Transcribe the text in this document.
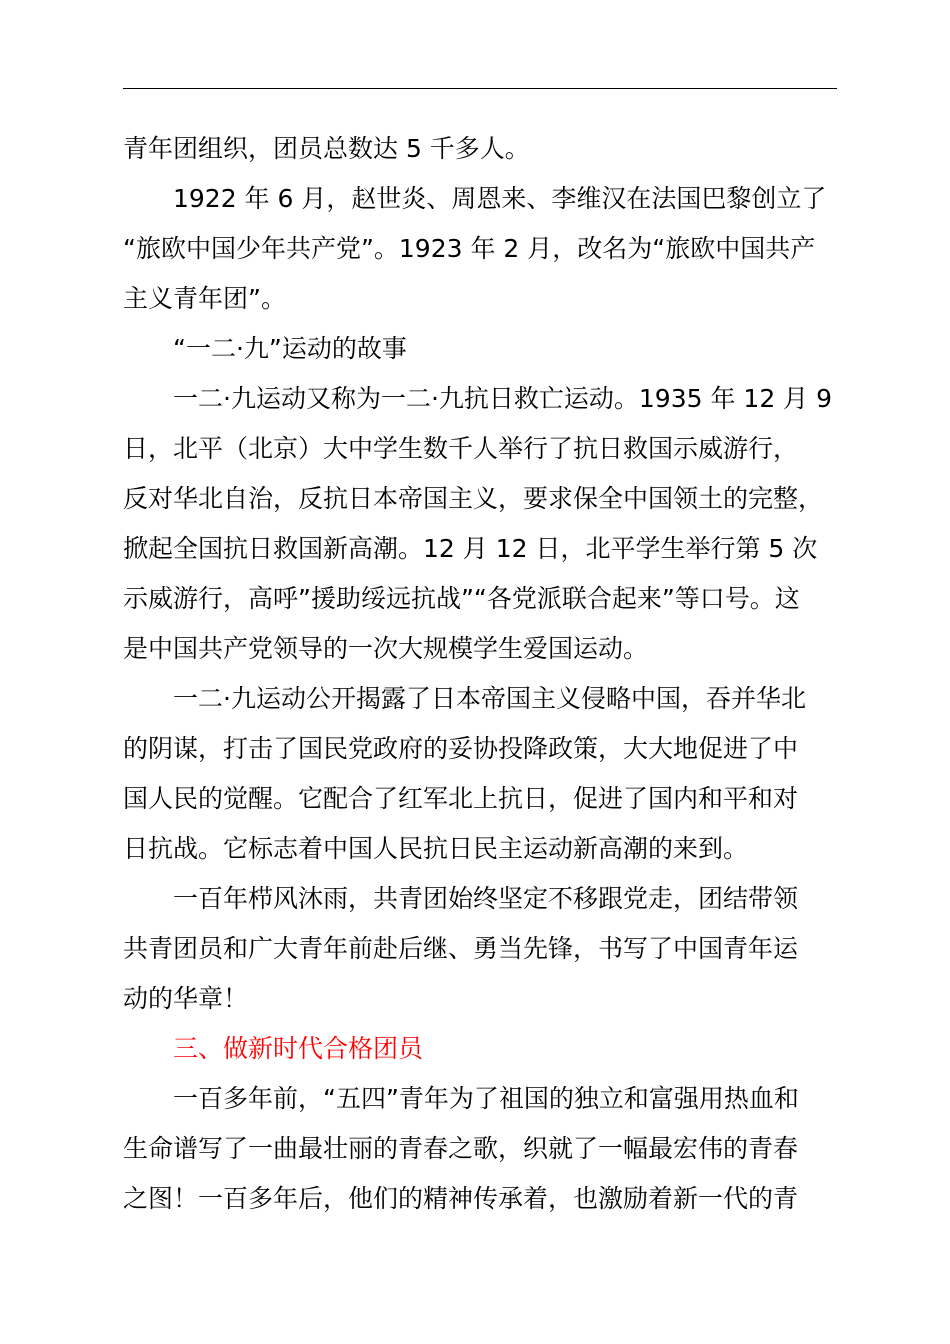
青年团组织，团员总数达 5 千多人。
1922 年 6 月，赵世炎、周恩来、李维汉在法国巴黎创立了
“旅欧中国少年共产党”。1923 年 2 月，改名为“旅欧中国共产
主义青年团”。
“一二·九”运动的故事
一二·九运动又称为一二·九抗日救亡运动。1935 年 12 月 9
日，北平（北京）大中学生数千人举行了抗日救国示威游行，
反对华北自治，反抗日本帝国主义，要求保全中国领土的完整，
掀起全国抗日救国新高潮。12 月 12 日，北平学生举行第 5 次
示威游行，高呼”援助绥远抗战”“各党派联合起来”等口号。这
是中国共产党领导的一次大规模学生爱国运动。
一二·九运动公开揭露了日本帝国主义侵略中国，吞并华北
的阴谋，打击了国民党政府的妥协投降政策，大大地促进了中
国人民的觉醒。它配合了红军北上抗日，促进了国内和平和对
日抗战。它标志着中国人民抗日民主运动新高潮的来到。
一百年栉风沐雨，共青团始终坚定不移跟党走，团结带领
共青团员和广大青年前赴后继、勇当先锋，书写了中国青年运
动的华章！
三、做新时代合格团员
一百多年前，“五四”青年为了祖国的独立和富强用热血和
生命谱写了一曲最壮丽的青春之歌，织就了一幅最宏伟的青春
之图！一百多年后，他们的精神传承着，也激励着新一代的青
